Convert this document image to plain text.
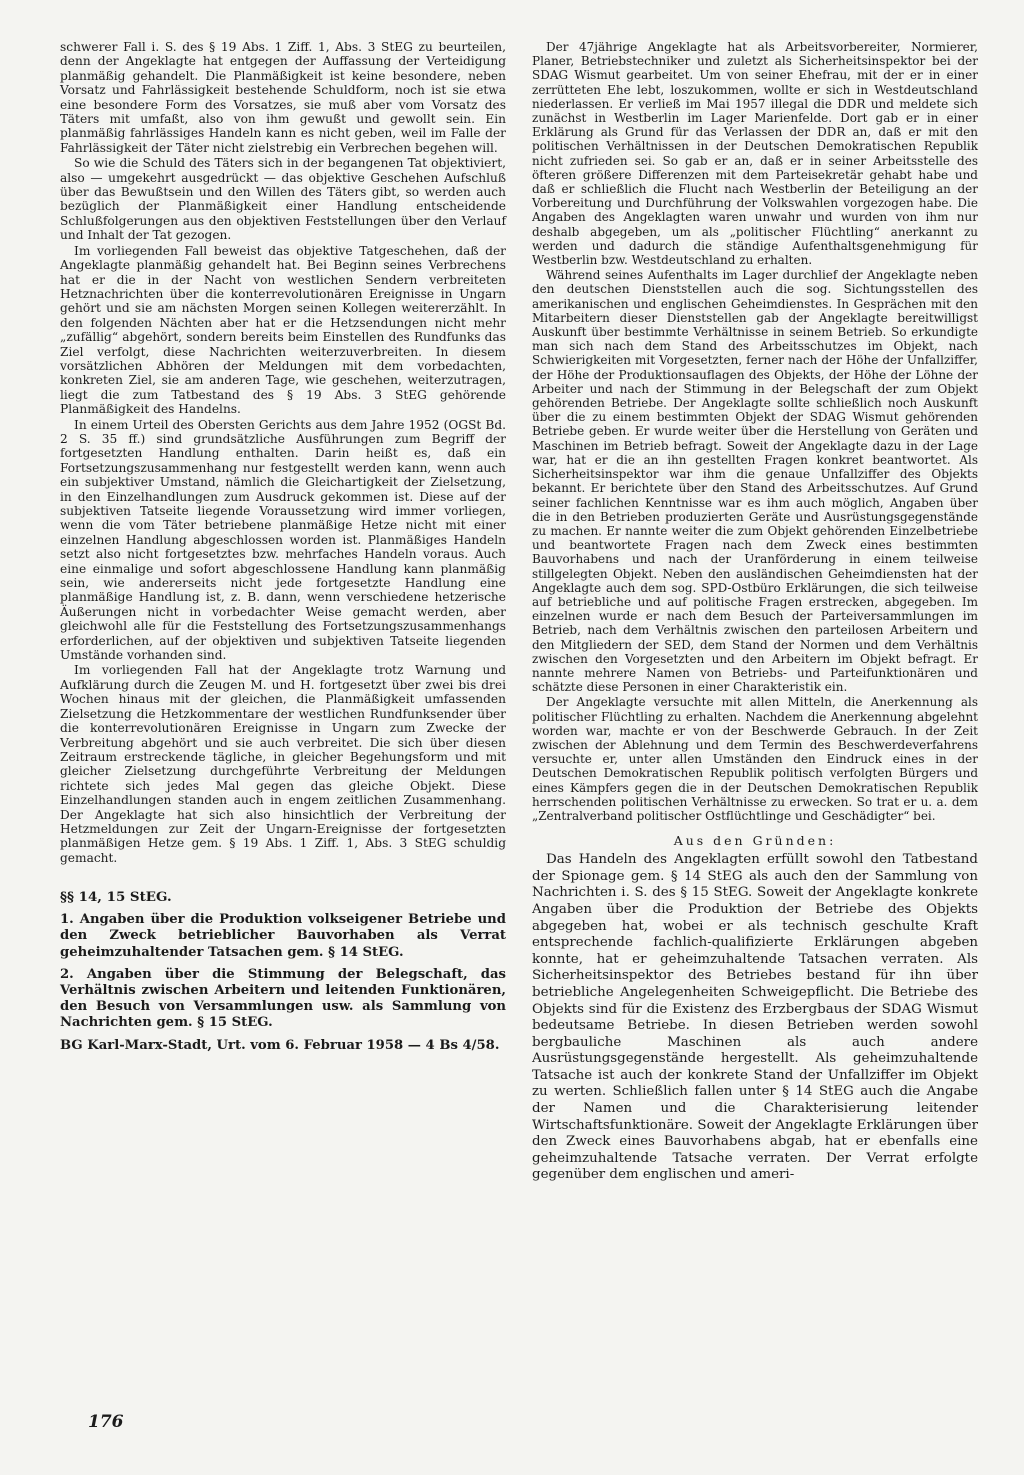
schwerer Fall i. S. des § 19 Abs. 1 Ziff. 1, Abs. 3 StEG zu beurteilen, denn der Angeklagte hat entgegen der Auffassung der Verteidigung planmäßig gehandelt. Die Planmäßigkeit ist keine besondere, neben Vorsatz und Fahrlässigkeit bestehende Schuldform, noch ist sie etwa eine besondere Form des Vorsatzes, sie muß aber vom Vorsatz des Täters mit umfaßt, also von ihm gewußt und gewollt sein. Ein planmäßig fahrlässiges Handeln kann es nicht geben, weil im Falle der Fahrlässigkeit der Täter nicht zielstrebig ein Verbrechen begehen will.

So wie die Schuld des Täters sich in der begangenen Tat objektiviert, also — umgekehrt ausgedrückt — das objektive Geschehen Aufschluß über das Bewußtsein und den Willen des Täters gibt, so werden auch bezüglich der Planmäßigkeit einer Handlung entscheidende Schlußfolgerungen aus den objektiven Feststellungen über den Verlauf und Inhalt der Tat gezogen.

Im vorliegenden Fall beweist das objektive Tatgeschehen, daß der Angeklagte planmäßig gehandelt hat. Bei Beginn seines Verbrechens hat er die in der Nacht von westlichen Sendern verbreiteten Hetznachrichten über die konterrevolutionären Ereignisse in Ungarn gehört und sie am nächsten Morgen seinen Kollegen weitererzählt. In den folgenden Nächten aber hat er die Hetzsendungen nicht mehr „zufällig“ abgehört, sondern bereits beim Einstellen des Rundfunks das Ziel verfolgt, diese Nachrichten weiterzuverbreiten. In diesem vorsätzlichen Abhören der Meldungen mit dem vorbedachten, konkreten Ziel, sie am anderen Tage, wie geschehen, weiterzutragen, liegt die zum Tatbestand des § 19 Abs. 3 StEG gehörende Planmäßigkeit des Handelns.

In einem Urteil des Obersten Gerichts aus dem Jahre 1952 (OGSt Bd. 2 S. 35 ff.) sind grundsätzliche Ausführungen zum Begriff der fortgesetzten Handlung enthalten. Darin heißt es, daß ein Fortsetzungszusammenhang nur festgestellt werden kann, wenn auch ein subjektiver Umstand, nämlich die Gleichartigkeit der Zielsetzung, in den Einzelhandlungen zum Ausdruck gekommen ist. Diese auf der subjektiven Tatseite liegende Voraussetzung wird immer vorliegen, wenn die vom Täter betriebene planmäßige Hetze nicht mit einer einzelnen Handlung abgeschlossen worden ist. Planmäßiges Handeln setzt also nicht fortgesetztes bzw. mehrfaches Handeln voraus. Auch eine einmalige und sofort abgeschlossene Handlung kann planmäßig sein, wie andererseits nicht jede fortgesetzte Handlung eine planmäßige Handlung ist, z. B. dann, wenn verschiedene hetzerische Äußerungen nicht in vorbedachter Weise gemacht werden, aber gleichwohl alle für die Feststellung des Fortsetzungszusammenhangs erforderlichen, auf der objektiven und subjektiven Tatseite liegenden Umstände vorhanden sind.

Im vorliegenden Fall hat der Angeklagte trotz Warnung und Aufklärung durch die Zeugen M. und H. fortgesetzt über zwei bis drei Wochen hinaus mit der gleichen, die Planmäßigkeit umfassenden Zielsetzung die Hetzkommentare der westlichen Rundfunksender über die konterrevolutionären Ereignisse in Ungarn zum Zwecke der Verbreitung abgehört und sie auch verbreitet. Die sich über diesen Zeitraum erstreckende tägliche, in gleicher Begehungsform und mit gleicher Zielsetzung durchgeführte Verbreitung der Meldungen richtete sich jedes Mal gegen das gleiche Objekt. Diese Einzelhandlungen standen auch in engem zeitlichen Zusammenhang. Der Angeklagte hat sich also hinsichtlich der Verbreitung der Hetzmeldungen zur Zeit der Ungarn-Ereignisse der fortgesetzten planmäßigen Hetze gem. § 19 Abs. 1 Ziff. 1, Abs. 3 StEG schuldig gemacht.

§§ 14, 15 StEG.
1. Angaben über die Produktion volkseigener Betriebe und den Zweck betrieblicher Bauvorhaben als Verrat geheimzuhaltender Tatsachen gem. § 14 StEG.
2. Angaben über die Stimmung der Belegschaft, das Verhältnis zwischen Arbeitern und leitenden Funktionären, den Besuch von Versammlungen usw. als Sammlung von Nachrichten gem. § 15 StEG.
BG Karl-Marx-Stadt, Urt. vom 6. Februar 1958 — 4 Bs 4/58.

Der 47jährige Angeklagte hat als Arbeitsvorbereiter, Normierer, Planer, Betriebstechniker und zuletzt als Sicherheitsinspektor bei der SDAG Wismut gearbeitet. Um von seiner Ehefrau, mit der er in einer zerrütteten Ehe lebt, loszukommen, wollte er sich in Westdeutschland niederlassen. Er verließ im Mai 1957 illegal die DDR und meldete sich zunächst in Westberlin im Lager Marienfelde. Dort gab er in einer Erklärung als Grund für das Verlassen der DDR an, daß er mit den politischen Verhältnissen in der Deutschen Demokratischen Republik nicht zufrieden sei. So gab er an, daß er in seiner Arbeitsstelle des öfteren größere Differenzen mit dem Parteisekretär gehabt habe und daß er schließlich die Flucht nach Westberlin der Beteiligung an der Vorbereitung und Durchführung der Volkswahlen vorgezogen habe. Die Angaben des Angeklagten waren unwahr und wurden von ihm nur deshalb abgegeben, um als „politischer Flüchtling“ anerkannt zu werden und dadurch die ständige Aufenthaltsgenehmigung für Westberlin bzw. Westdeutschland zu erhalten.

Während seines Aufenthalts im Lager durchlief der Angeklagte neben den deutschen Dienststellen auch die sog. Sichtungsstellen des amerikanischen und englischen Geheimdienstes. In Gesprächen mit den Mitarbeitern dieser Dienststellen gab der Angeklagte bereitwilligst Auskunft über bestimmte Verhältnisse in seinem Betrieb. So erkundigte man sich nach dem Stand des Arbeitsschutzes im Objekt, nach Schwierigkeiten mit Vorgesetzten, ferner nach der Höhe der Unfallziffer, der Höhe der Produktionsauflagen des Objekts, der Höhe der Löhne der Arbeiter und nach der Stimmung in der Belegschaft der zum Objekt gehörenden Betriebe. Der Angeklagte sollte schließlich noch Auskunft über die zu einem bestimmten Objekt der SDAG Wismut gehörenden Betriebe geben. Er wurde weiter über die Herstellung von Geräten und Maschinen im Betrieb befragt. Soweit der Angeklagte dazu in der Lage war, hat er die an ihn gestellten Fragen konkret beantwortet. Als Sicherheitsinspektor war ihm die genaue Unfallziffer des Objekts bekannt. Er berichtete über den Stand des Arbeitsschutzes. Auf Grund seiner fachlichen Kenntnisse war es ihm auch möglich, Angaben über die in den Betrieben produzierten Geräte und Ausrüstungsgegenstände zu machen. Er nannte weiter die zum Objekt gehörenden Einzelbetriebe und beantwortete Fragen nach dem Zweck eines bestimmten Bauvorhabens und nach der Uranförderung in einem teilweise stillgelegten Objekt. Neben den ausländischen Geheimdiensten hat der Angeklagte auch dem sog. SPD-Ostbüro Erklärungen, die sich teilweise auf betriebliche und auf politische Fragen erstrecken, abgegeben. Im einzelnen wurde er nach dem Besuch der Parteiversammlungen im Betrieb, nach dem Verhältnis zwischen den parteilosen Arbeitern und den Mitgliedern der SED, dem Stand der Normen und dem Verhältnis zwischen den Vorgesetzten und den Arbeitern im Objekt befragt. Er nannte mehrere Namen von Betriebs- und Parteifunktionären und schätzte diese Personen in einer Charakteristik ein.

Der Angeklagte versuchte mit allen Mitteln, die Anerkennung als politischer Flüchtling zu erhalten. Nachdem die Anerkennung abgelehnt worden war, machte er von der Beschwerde Gebrauch. In der Zeit zwischen der Ablehnung und dem Termin des Beschwerdeverfahrens versuchte er, unter allen Umständen den Eindruck eines in der Deutschen Demokratischen Republik politisch verfolgten Bürgers und eines Kämpfers gegen die in der Deutschen Demokratischen Republik herrschenden politischen Verhältnisse zu erwecken. So trat er u. a. dem „Zentralverband politischer Ostflüchtlinge und Geschädigter“ bei.

Aus den Gründen:

Das Handeln des Angeklagten erfüllt sowohl den Tatbestand der Spionage gem. § 14 StEG als auch den der Sammlung von Nachrichten i. S. des § 15 StEG. Soweit der Angeklagte konkrete Angaben über die Produktion der Betriebe des Objekts abgegeben hat, wobei er als technisch geschulte Kraft entsprechende fachlich-qualifizierte Erklärungen abgeben konnte, hat er geheimzuhaltende Tatsachen verraten. Als Sicherheitsinspektor des Betriebes bestand für ihn über betriebliche Angelegenheiten Schweigepflicht. Die Betriebe des Objekts sind für die Existenz des Erzbergbaus der SDAG Wismut bedeutsame Betriebe. In diesen Betrieben werden sowohl bergbauliche Maschinen als auch andere Ausrüstungsgegenstände hergestellt. Als geheimzuhaltende Tatsache ist auch der konkrete Stand der Unfallziffer im Objekt zu werten. Schließlich fallen unter § 14 StEG auch die Angabe der Namen und die Charakterisierung leitender Wirtschaftsfunktionäre. Soweit der Angeklagte Erklärungen über den Zweck eines Bauvorhabens abgab, hat er ebenfalls eine geheimzuhaltende Tatsache verraten. Der Verrat erfolgte gegenüber dem englischen und ameri-

176
